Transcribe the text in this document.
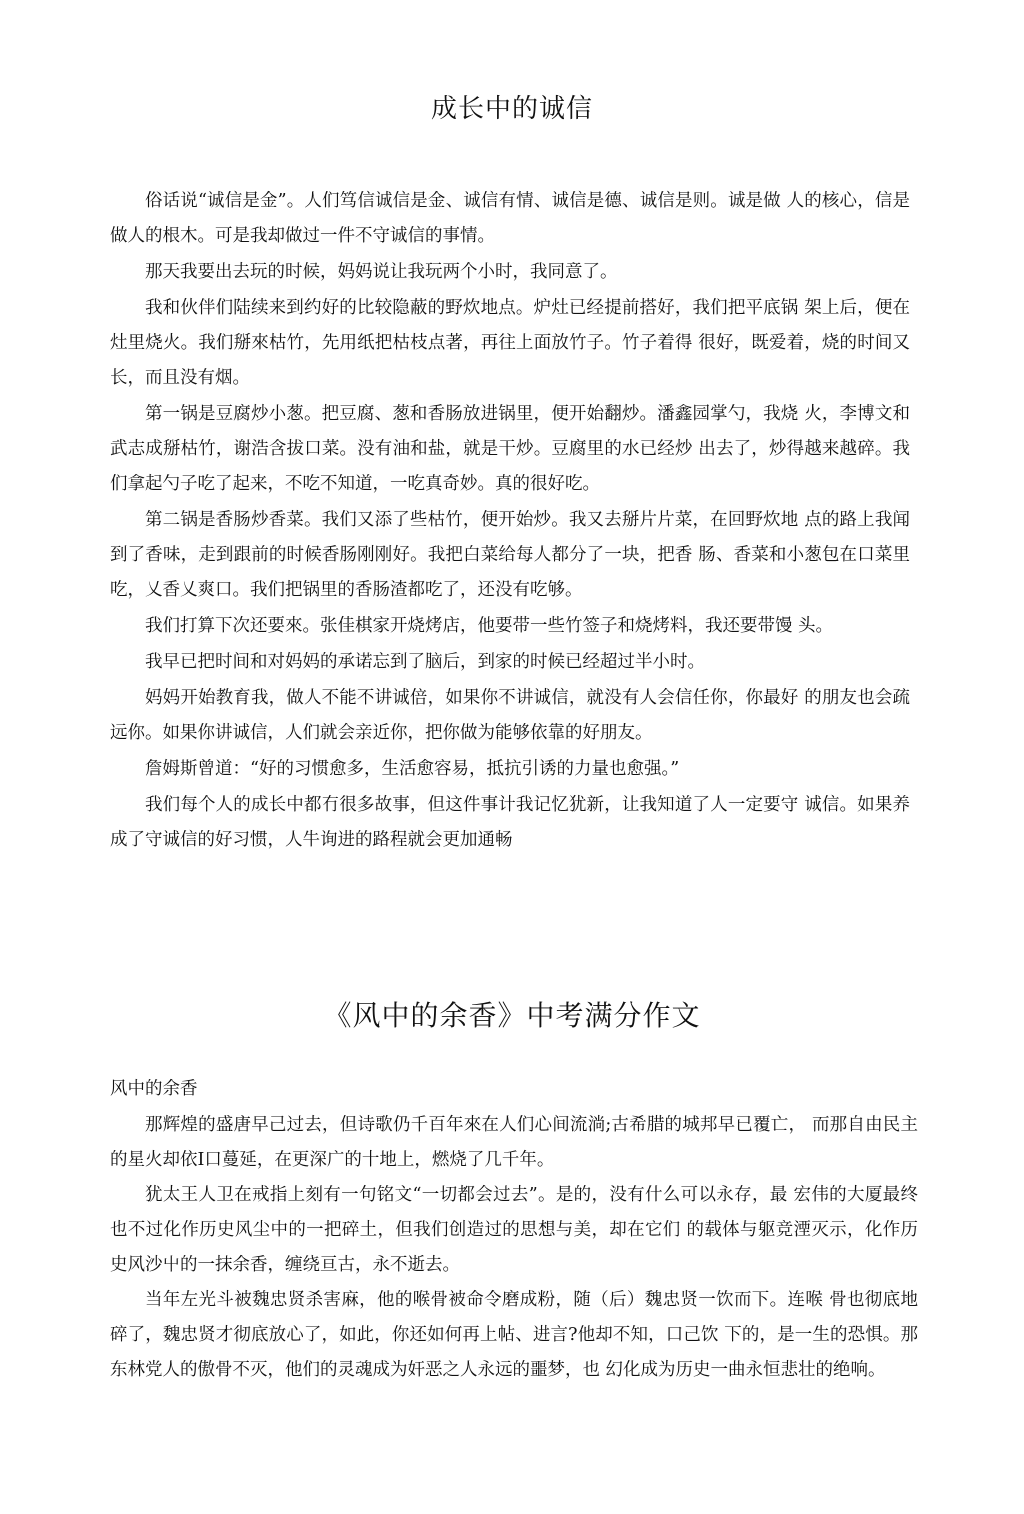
成长中的诚信

俗话说“诚信是金”。人们笃信诚信是金、诚信有情、诚信是德、诚信是则。诚是做 人的核心，信是做人的根木。可是我却做过一件不守诚信的事情。

那天我要出去玩的时候，妈妈说让我玩两个小时，我同意了。

我和伙伴们陆续来到约好的比较隐蔽的野炊地点。炉灶已经提前搭好，我们把平底锅 架上后，便在灶里烧火。我们掰來枯竹，先用纸把枯枝点著，再往上面放竹子。竹子着得 很好，既爱着，烧的时间又长，而且没有烟。

第一锅是豆腐炒小葱。把豆腐、葱和香肠放进锅里，便开始翻炒。潘鑫园掌勺，我烧 火，李博文和武志成掰枯竹，谢浩含拔口菜。没有油和盐，就是干炒。豆腐里的水已经炒 出去了，炒得越来越碎。我们拿起勺子吃了起来，不吃不知道，一吃真奇妙。真的很好吃。

第二锅是香肠炒香菜。我们又添了些枯竹，便开始炒。我又去掰片片菜，在回野炊地 点的路上我闻到了香味，走到跟前的时候香肠刚刚好。我把白菜给每人都分了一块，把香 肠、香菜和小葱包在口菜里吃，乂香乂爽口。我们把锅里的香肠渣都吃了，还没有吃够。

我们打算下次还要來。张佳棋家开烧烤店，他要带一些竹签子和烧烤料，我还要带馒 头。

我早已把时间和对妈妈的承诺忘到了脑后，到家的时候已经超过半小时。

妈妈开始教育我，做人不能不讲诚倍，如果你不讲诚信，就没有人会信任你，你最好 的朋友也会疏远你。如果你讲诚信，人们就会亲近你，把你做为能够依靠的好朋友。

詹姆斯曾道：“好的习惯愈多，生活愈容易，抵抗引诱的力量也愈强。”

我们每个人的成长中都冇很多故事，但这件事计我记忆犹新，让我知道了人一定要守 诚信。如果养成了守诚信的好习惯，人牛询进的路程就会更加通畅

《风中的余香》中考满分作文

风中的余香

那辉煌的盛唐早己过去，但诗歌仍千百年來在人们心间流淌;古希腊的城邦早已覆亡， 而那自由民主的星火却依I口蔓延，在更深广的十地上，燃烧了几千年。

犹太王人卫在戒指上刻有一句铭文“一切都会过去”。是的，没有什么可以永存，最 宏伟的大厦最终也不过化作历史风尘中的一把碎土，但我们创造过的思想与美，却在它们 的载体与躯竞湮灭示，化作历史风沙屮的一抹余香，缠绕亘古，永不逝去。

当年左光斗被魏忠贤杀害麻，他的喉骨被命令磨成粉，随（后）魏忠贤一饮而下。连喉 骨也彻底地碎了，魏忠贤才彻底放心了，如此，你还如何再上帖、进言?他却不知，口己饮 下的，是一生的恐惧。那东林党人的傲骨不灭，他们的灵魂成为奸恶之人永远的噩梦，也 幻化成为历史一曲永恒悲壮的绝响。
